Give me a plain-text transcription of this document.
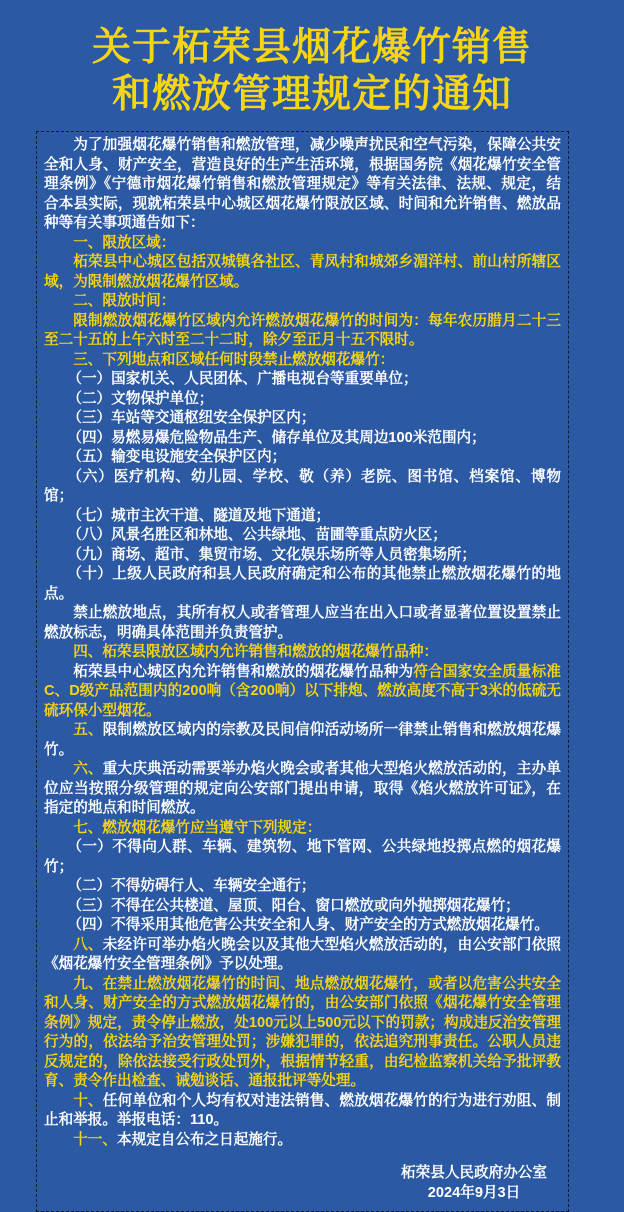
关于柘荣县烟花爆竹销售
和燃放管理规定的通知

为了加强烟花爆竹销售和燃放管理，减少噪声扰民和空气污染，保障公共安全和人身、财产安全，营造良好的生产生活环境，根据国务院《烟花爆竹安全管理条例》《宁德市烟花爆竹销售和燃放管理规定》等有关法律、法规、规定，结合本县实际，现就柘荣县中心城区烟花爆竹限放区域、时间和允许销售、燃放品种等有关事项通告如下：

一、限放区域：

柘荣县中心城区包括双城镇各社区、青凤村和城郊乡湄洋村、前山村所辖区域，为限制燃放烟花爆竹区域。

二、限放时间：

限制燃放烟花爆竹区域内允许燃放烟花爆竹的时间为：每年农历腊月二十三至二十五的上午六时至二十二时，除夕至正月十五不限时。

三、下列地点和区域任何时段禁止燃放烟花爆竹：

（一）国家机关、人民团体、广播电视台等重要单位；

（二）文物保护单位；

（三）车站等交通枢纽安全保护区内；

（四）易燃易爆危险物品生产、储存单位及其周边100米范围内；

（五）输变电设施安全保护区内；

（六）医疗机构、幼儿园、学校、敬（养）老院、图书馆、档案馆、博物馆；

（七）城市主次干道、隧道及地下通道；

（八）风景名胜区和林地、公共绿地、苗圃等重点防火区；

（九）商场、超市、集贸市场、文化娱乐场所等人员密集场所；

（十）上级人民政府和县人民政府确定和公布的其他禁止燃放烟花爆竹的地点。

禁止燃放地点，其所有权人或者管理人应当在出入口或者显著位置设置禁止燃放标志，明确具体范围并负责管护。

四、柘荣县限放区域内允许销售和燃放的烟花爆竹品种：

柘荣县中心城区内允许销售和燃放的烟花爆竹品种为符合国家安全质量标准C、D级产品范围内的200响（含200响）以下排炮、燃放高度不高于3米的低硫无硫环保小型烟花。

五、限制燃放区域内的宗教及民间信仰活动场所一律禁止销售和燃放烟花爆竹。

六、重大庆典活动需要举办焰火晚会或者其他大型焰火燃放活动的，主办单位应当按照分级管理的规定向公安部门提出申请，取得《焰火燃放许可证》，在指定的地点和时间燃放。

七、燃放烟花爆竹应当遵守下列规定：

（一）不得向人群、车辆、建筑物、地下管网、公共绿地投掷点燃的烟花爆竹；

（二）不得妨碍行人、车辆安全通行；

（三）不得在公共楼道、屋顶、阳台、窗口燃放或向外抛掷烟花爆竹；

（四）不得采用其他危害公共安全和人身、财产安全的方式燃放烟花爆竹。

八、未经许可举办焰火晚会以及其他大型焰火燃放活动的，由公安部门依照《烟花爆竹安全管理条例》予以处理。

九、在禁止燃放烟花爆竹的时间、地点燃放烟花爆竹，或者以危害公共安全和人身、财产安全的方式燃放烟花爆竹的，由公安部门依照《烟花爆竹安全管理条例》规定，责令停止燃放，处100元以上500元以下的罚款；构成违反治安管理行为的，依法给予治安管理处罚；涉嫌犯罪的，依法追究刑事责任。公职人员违反规定的，除依法接受行政处罚外，根据情节轻重，由纪检监察机关给予批评教育、责令作出检查、诫勉谈话、通报批评等处理。

十、任何单位和个人均有权对违法销售、燃放烟花爆竹的行为进行劝阻、制止和举报。举报电话：110。

十一、本规定自公布之日起施行。

柘荣县人民政府办公室
2024年9月3日
